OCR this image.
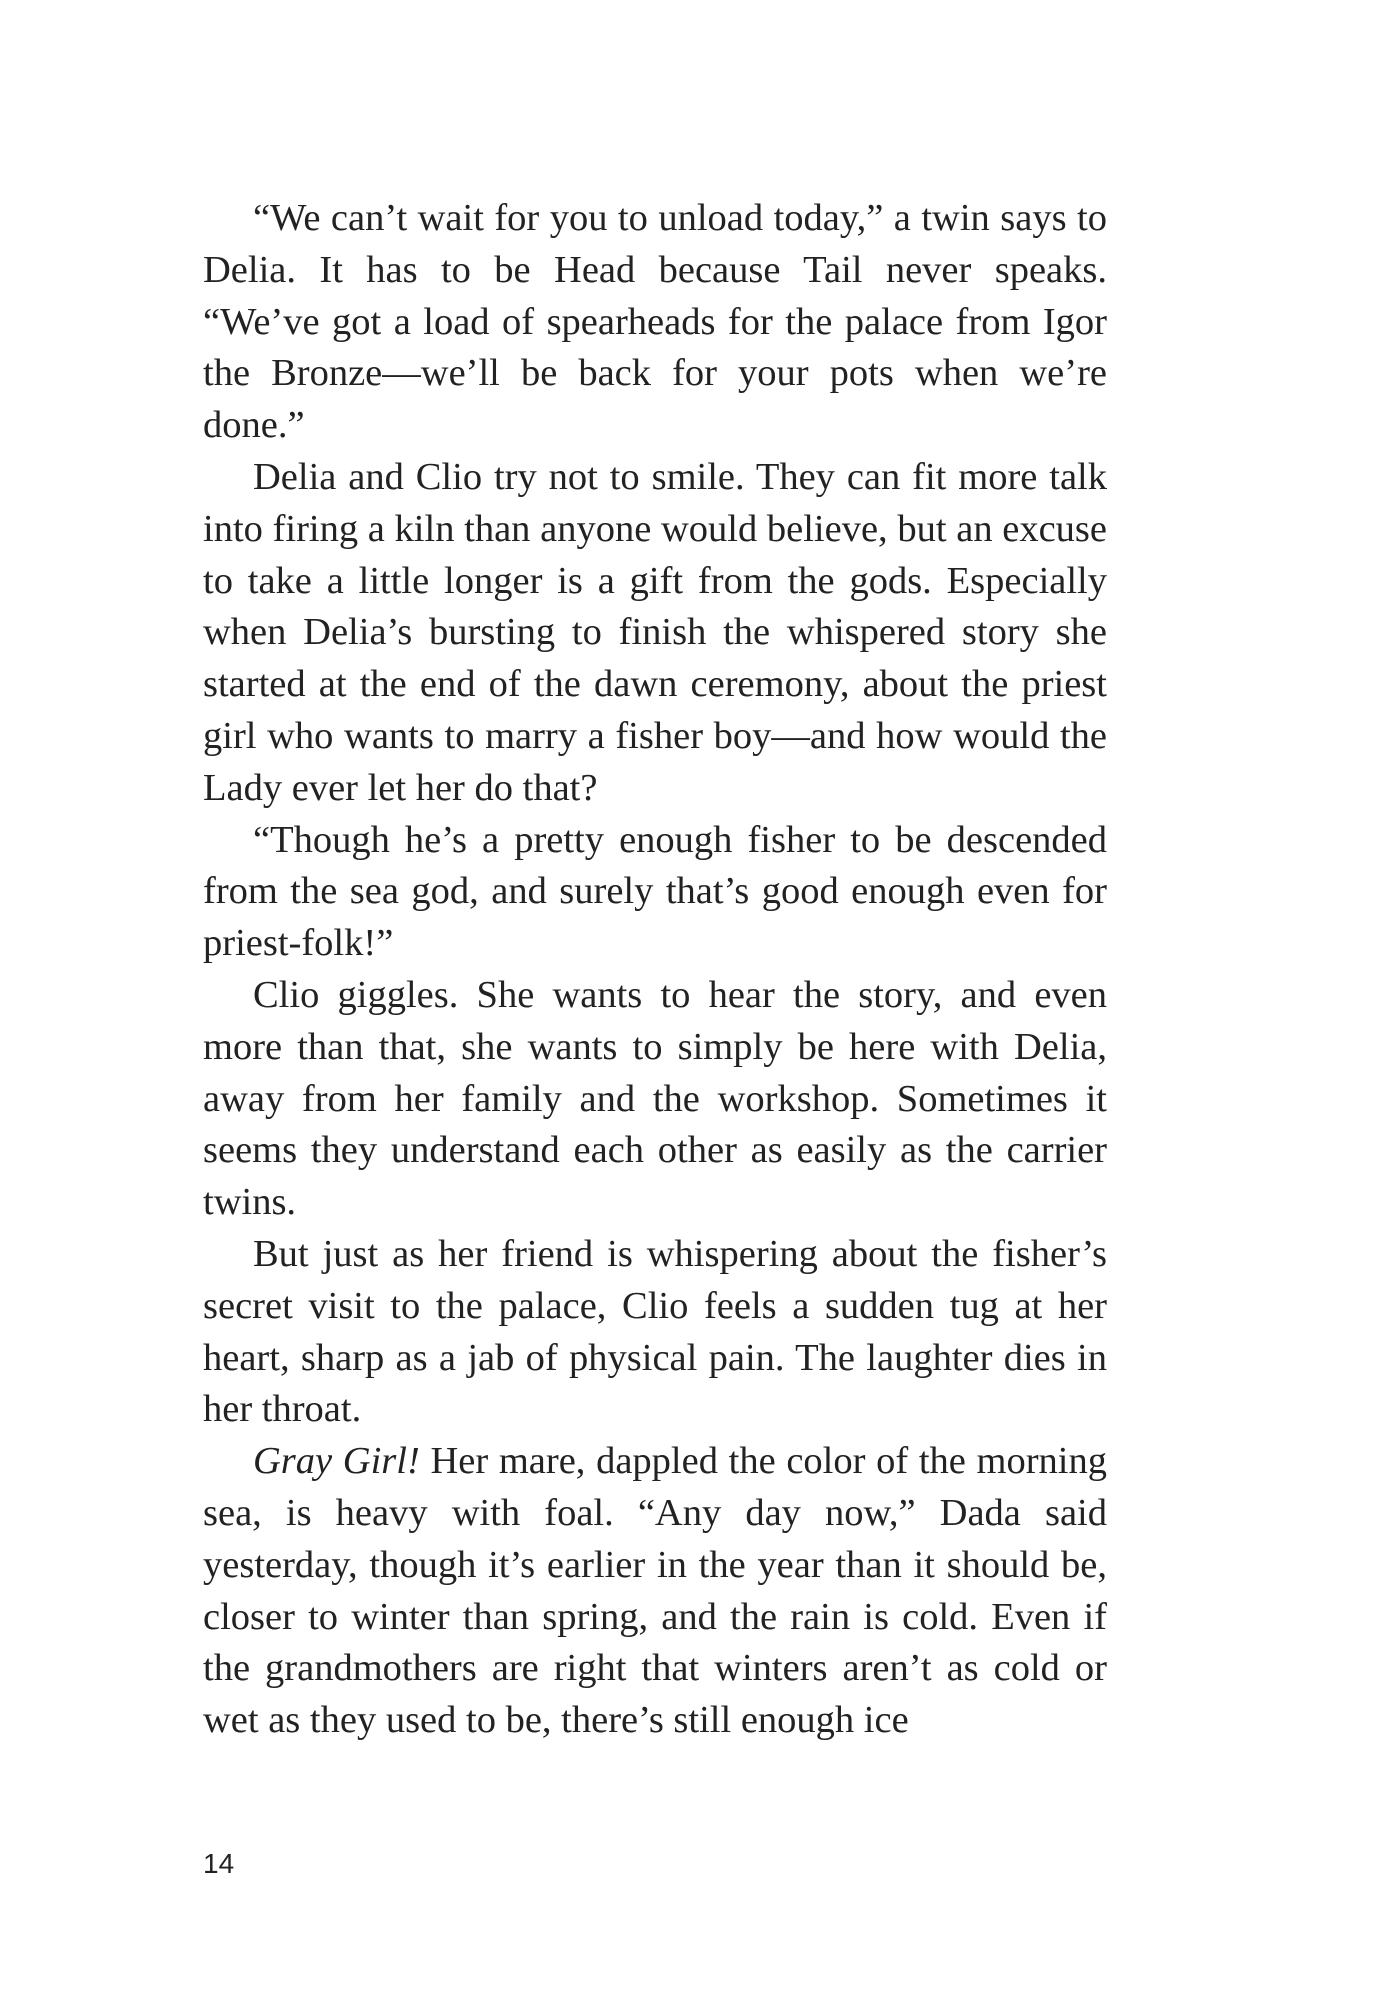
“We can’t wait for you to unload today,” a twin says to Delia. It has to be Head because Tail never speaks. “We’ve got a load of spearheads for the palace from Igor the Bronze—we’ll be back for your pots when we’re done.”

Delia and Clio try not to smile. They can fit more talk into firing a kiln than anyone would believe, but an excuse to take a little longer is a gift from the gods. Especially when Delia’s bursting to finish the whispered story she started at the end of the dawn ceremony, about the priest girl who wants to marry a fisher boy—and how would the Lady ever let her do that?

“Though he’s a pretty enough fisher to be descended from the sea god, and surely that’s good enough even for priest-folk!”

Clio giggles. She wants to hear the story, and even more than that, she wants to simply be here with Delia, away from her family and the workshop. Sometimes it seems they understand each other as easily as the carrier twins.

But just as her friend is whispering about the fisher’s secret visit to the palace, Clio feels a sudden tug at her heart, sharp as a jab of physical pain. The laughter dies in her throat.

Gray Girl! Her mare, dappled the color of the morning sea, is heavy with foal. “Any day now,” Dada said yesterday, though it’s earlier in the year than it should be, closer to winter than spring, and the rain is cold. Even if the grandmothers are right that winters aren’t as cold or wet as they used to be, there’s still enough ice

14
